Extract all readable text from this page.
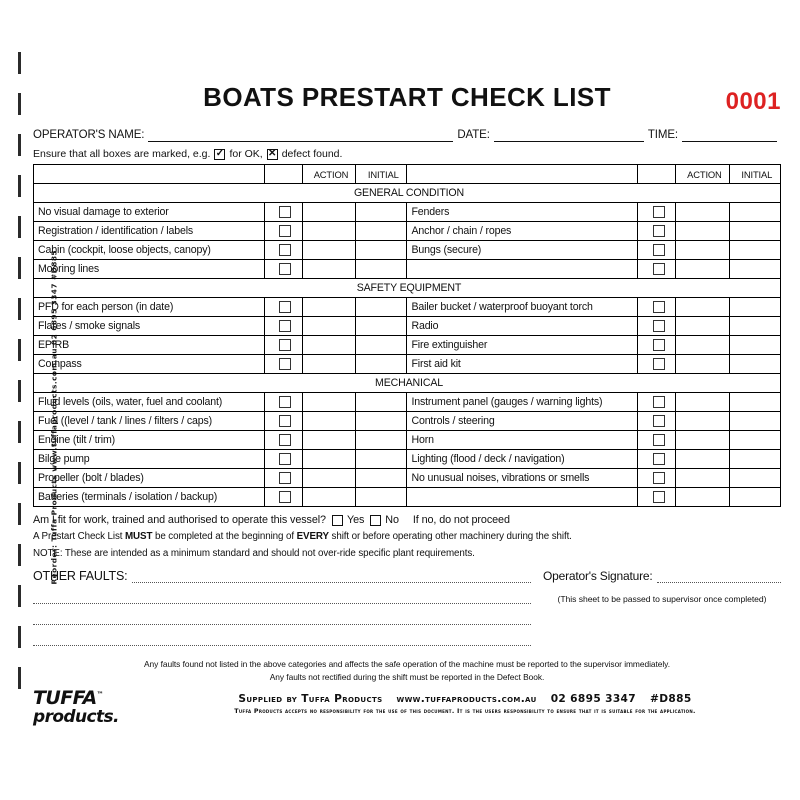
Reorder: Tuffa Products www.tuffaproducts.com.au 02 6895 3347 #D885
BOATS PRESTART CHECK LIST	0001
OPERATOR'S NAME:	DATE:	TIME:
Ensure that all boxes are marked, e.g. ✓ for OK, ✕ defect found.
		ACTION	INITIAL			ACTION	INITIAL
GENERAL CONDITION							
No visual damage to exterior				Fenders			
Registration / identification / labels				Anchor / chain / ropes			
Cabin (cockpit, loose objects, canopy)				Bungs (secure)			
Mooring lines							
SAFETY EQUIPMENT							
PFD for each person (in date)				Bailer bucket / waterproof buoyant torch			
Flares / smoke signals				Radio			
EPIRB				Fire extinguisher			
Compass				First aid kit			
MECHANICAL							
Fluid levels (oils, water, fuel and coolant)				Instrument panel (gauges / warning lights)			
Fuel ((level / tank / lines / filters / caps)				Controls / steering			
Engine (tilt / trim)				Horn			
Bilge pump				Lighting (flood / deck / navigation)			
Propeller (bolt / blades)				No unusual noises, vibrations or smells			
Batteries (terminals / isolation / backup)							
Am I fit for work, trained and authorised to operate this vessel? Yes No If no, do not proceed
A Prestart Check List MUST be completed at the beginning of EVERY shift or before operating other machinery during the shift.
NOTE: These are intended as a minimum standard and should not over-ride specific plant requirements.
OTHER FAULTS:	Operator's Signature:
(This sheet to be passed to supervisor once completed)
Any faults found not listed in the above categories and affects the safe operation of the machine must be reported to the supervisor immediately.
Any faults not rectified during the shift must be reported in the Defect Book.
TUFFA™
products.
Supplied by Tuffa Products www.tuffaproducts.com.au 02 6895 3347 #D885
Tuffa Products accepts no responsibility for the use of this document. It is the users responsibility to ensure that it is suitable for the application.
